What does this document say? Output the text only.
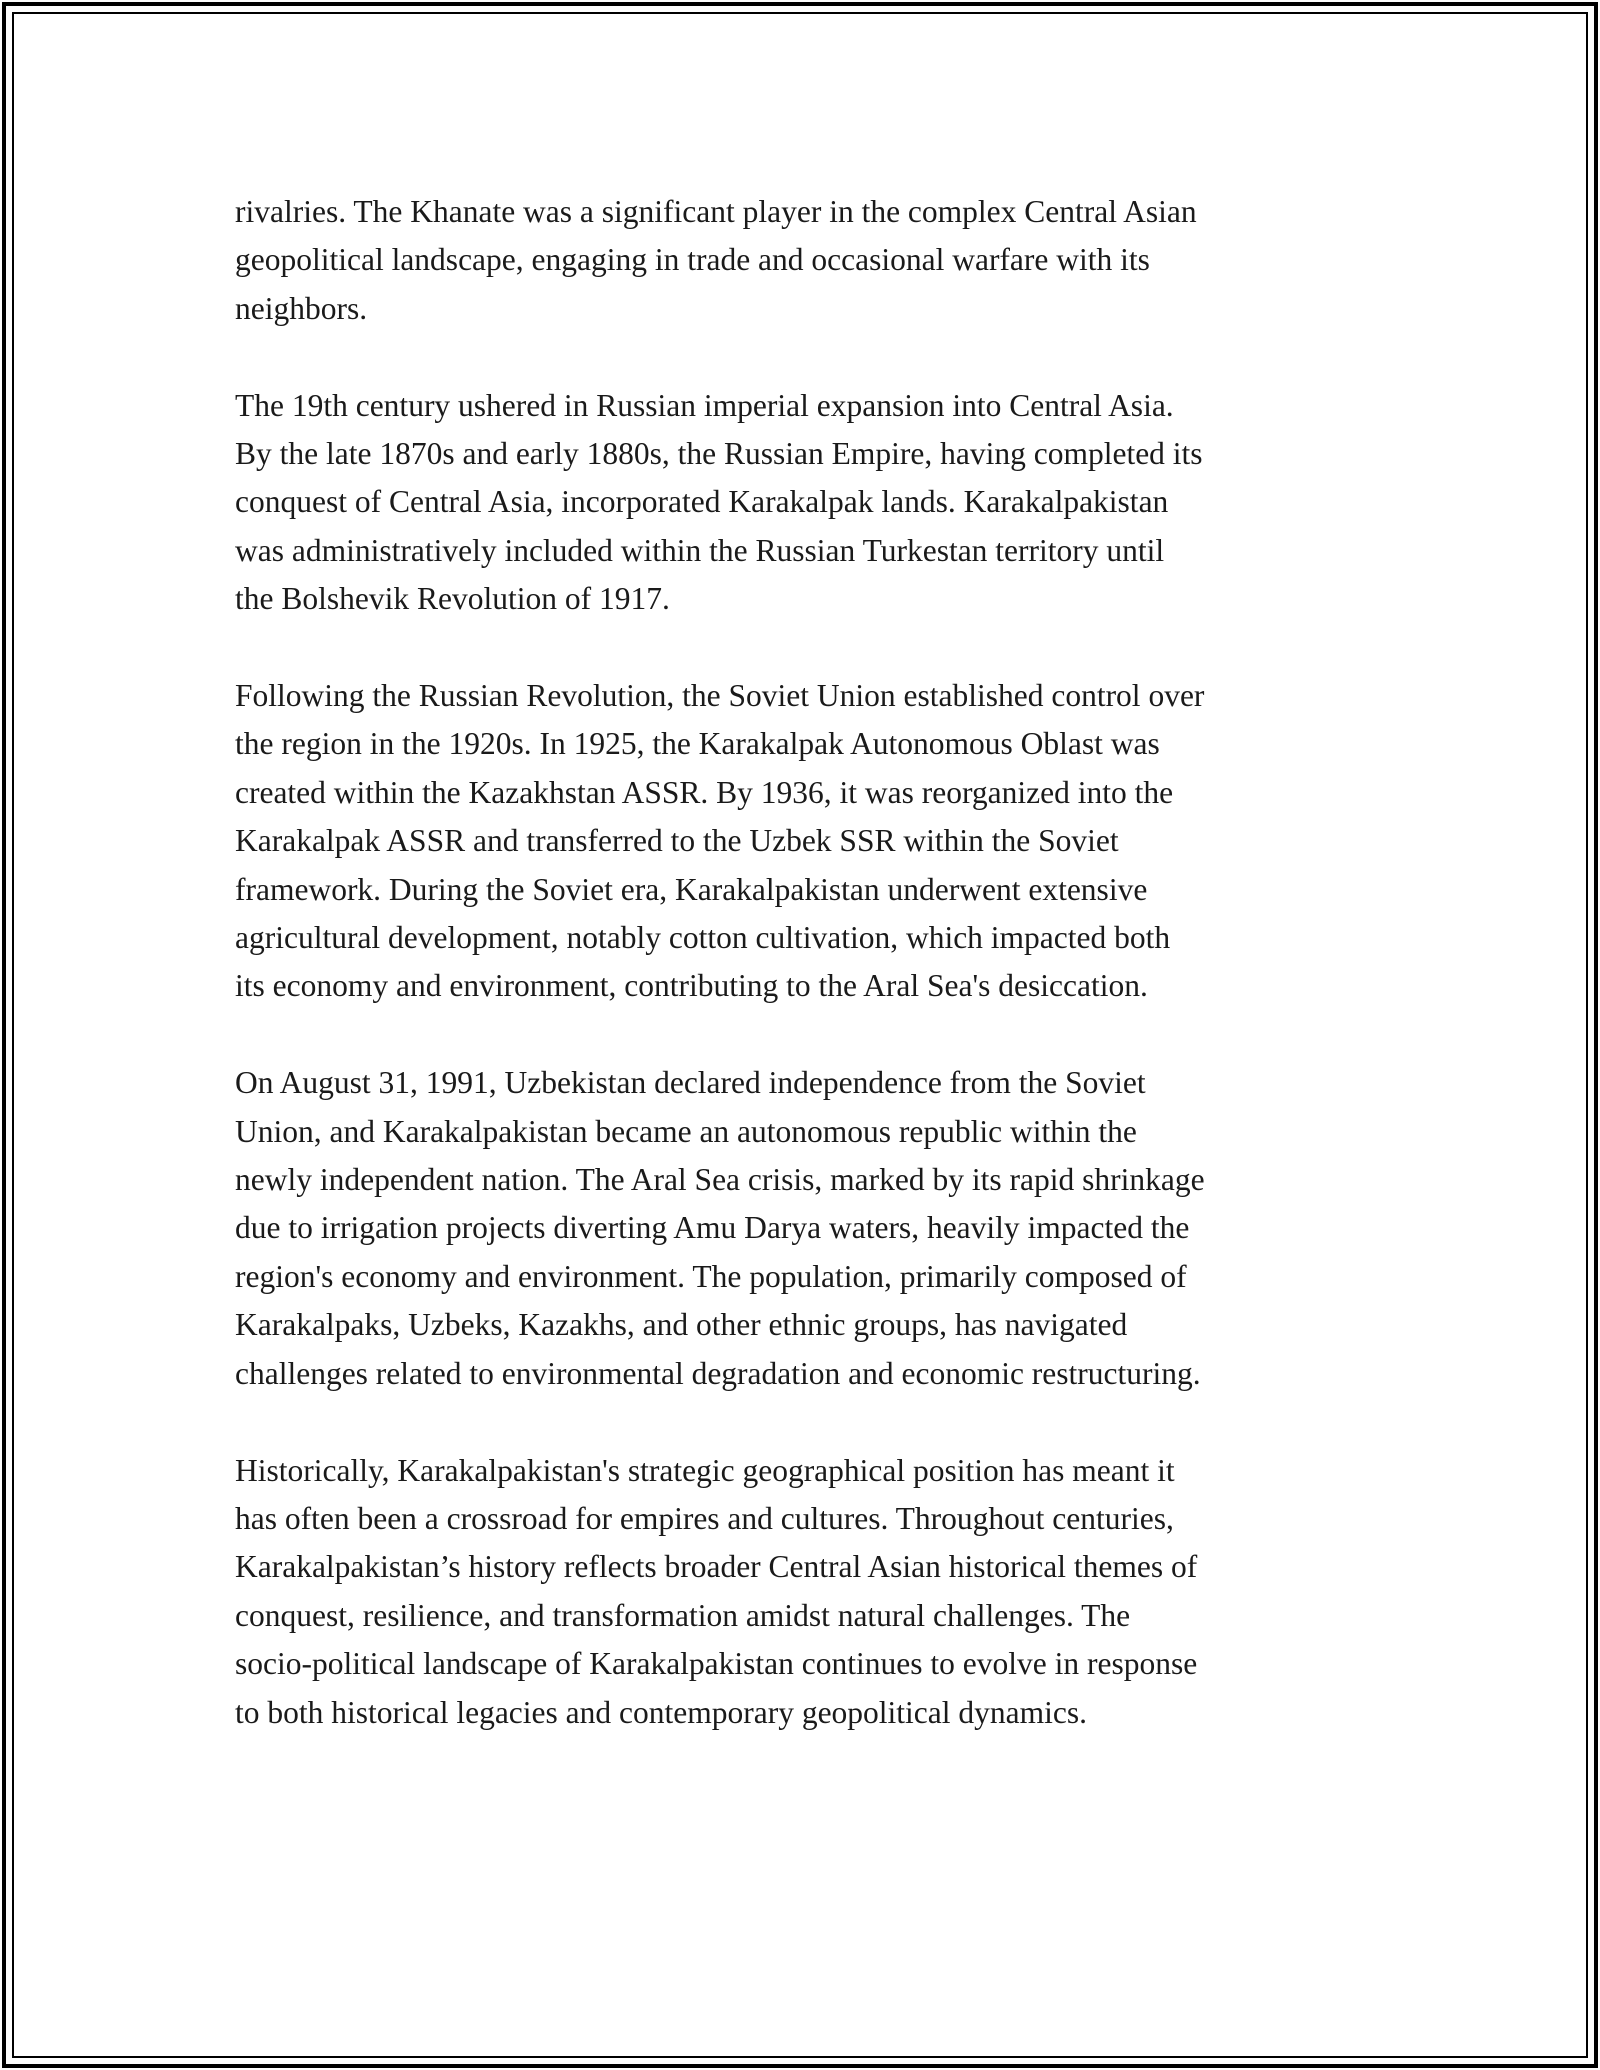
rivalries. The Khanate was a significant player in the complex Central Asian
geopolitical landscape, engaging in trade and occasional warfare with its
neighbors.

The 19th century ushered in Russian imperial expansion into Central Asia.
By the late 1870s and early 1880s, the Russian Empire, having completed its
conquest of Central Asia, incorporated Karakalpak lands. Karakalpakistan
was administratively included within the Russian Turkestan territory until
the Bolshevik Revolution of 1917.

Following the Russian Revolution, the Soviet Union established control over
the region in the 1920s. In 1925, the Karakalpak Autonomous Oblast was
created within the Kazakhstan ASSR. By 1936, it was reorganized into the
Karakalpak ASSR and transferred to the Uzbek SSR within the Soviet
framework. During the Soviet era, Karakalpakistan underwent extensive
agricultural development, notably cotton cultivation, which impacted both
its economy and environment, contributing to the Aral Sea's desiccation.

On August 31, 1991, Uzbekistan declared independence from the Soviet
Union, and Karakalpakistan became an autonomous republic within the
newly independent nation. The Aral Sea crisis, marked by its rapid shrinkage
due to irrigation projects diverting Amu Darya waters, heavily impacted the
region's economy and environment. The population, primarily composed of
Karakalpaks, Uzbeks, Kazakhs, and other ethnic groups, has navigated
challenges related to environmental degradation and economic restructuring.

Historically, Karakalpakistan's strategic geographical position has meant it
has often been a crossroad for empires and cultures. Throughout centuries,
Karakalpakistan’s history reflects broader Central Asian historical themes of
conquest, resilience, and transformation amidst natural challenges. The
socio-political landscape of Karakalpakistan continues to evolve in response
to both historical legacies and contemporary geopolitical dynamics.
